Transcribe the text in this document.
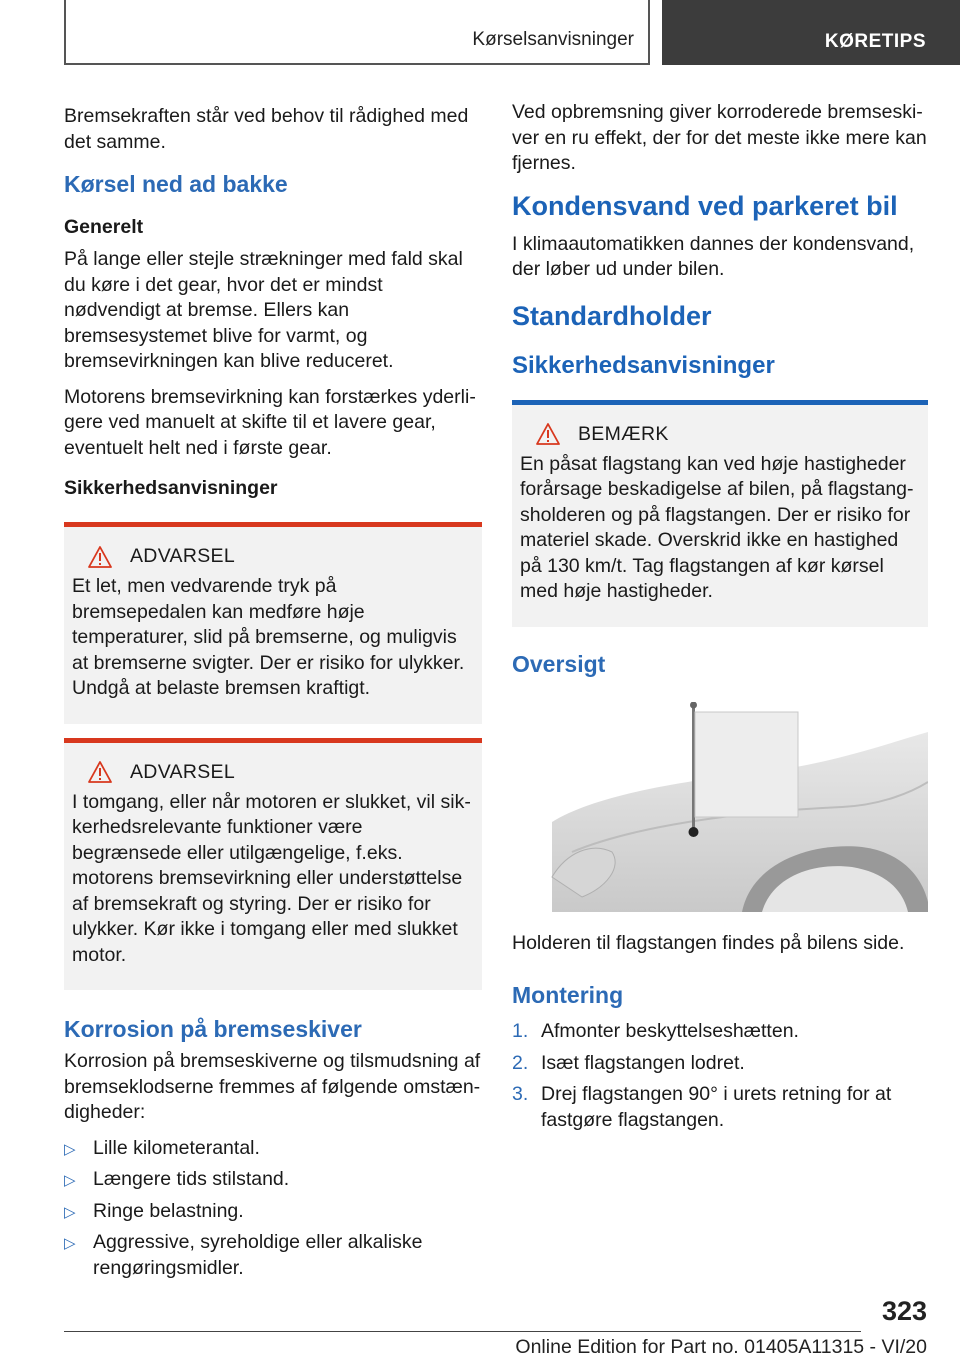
Kørselsanvisninger	KØRETIPS

Bremsekraften står ved behov til rådighed med det samme.

Kørsel ned ad bakke
Generelt

På lange eller stejle strækninger med fald skal du køre i det gear, hvor det er mindst nødvendigt at bremse. Ellers kan bremsesystemet blive for varmt, og bremsevirkningen kan blive reduceret.

Motorens bremsevirkning kan forstærkes yderligere ved manuelt at skifte til et lavere gear, eventuelt helt ned i første gear.

Sikkerhedsanvisninger
ADVARSEL

Et let, men vedvarende tryk på bremsepedalen kan medføre høje temperaturer, slid på bremserne, og muligvis at bremserne svigter. Der er risiko for ulykker. Undgå at belaste bremsen kraftigt.

ADVARSEL

I tomgang, eller når motoren er slukket, vil sikkerhedsrelevante funktioner være begrænsede eller utilgængelige, f.eks. motorens bremsevirkning eller understøttelse af bremsekraft og styring. Der er risiko for ulykker. Kør ikke i tomgang eller med slukket motor.

Korrosion på bremseskiver

Korrosion på bremseskiverne og tilsmudsning af bremseklodserne fremmes af følgende omstændigheder:

▷ Lille kilometerantal.
▷ Længere tids stilstand.
▷ Ringe belastning.
▷ Aggressive, syreholdige eller alkaliske rengøringsmidler.

Ved opbremsning giver korroderede bremseskiver en ru effekt, der for det meste ikke mere kan fjernes.

Kondensvand ved parkeret bil

I klimaautomatikken dannes der kondensvand, der løber ud under bilen.

Standardholder
Sikkerhedsanvisninger
BEMÆRK

En påsat flagstang kan ved høje hastigheder forårsage beskadigelse af bilen, på flagstangsholderen og på flagstangen. Der er risiko for materiel skade. Overskrid ikke en hastighed på 130 km/t. Tag flagstangen af kør kørsel med høje hastigheder.

Oversigt

Holderen til flagstangen findes på bilens side.

Montering
1. Afmonter beskyttelseshætten.
2. Isæt flagstangen lodret.
3. Drej flagstangen 90° i urets retning for at fastgøre flagstangen.
323
Online Edition for Part no. 01405A11315 - VI/20
